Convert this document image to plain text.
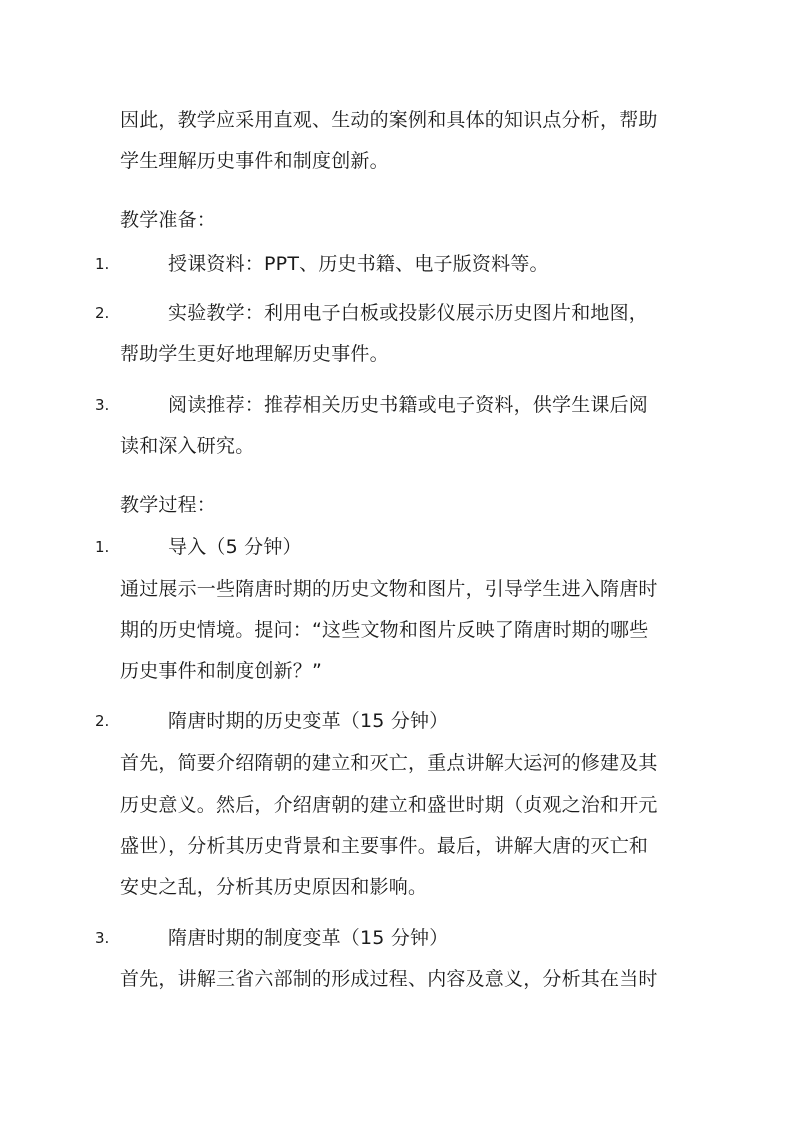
因此，教学应采用直观、生动的案例和具体的知识点分析，帮助
学生理解历史事件和制度创新。
教学准备：
1.	授课资料：PPT、历史书籍、电子版资料等。
2.	实验教学：利用电子白板或投影仪展示历史图片和地图，
帮助学生更好地理解历史事件。
3.	阅读推荐：推荐相关历史书籍或电子资料，供学生课后阅
读和深入研究。
教学过程：
1.	导入（5 分钟）
通过展示一些隋唐时期的历史文物和图片，引导学生进入隋唐时
期的历史情境。提问：“这些文物和图片反映了隋唐时期的哪些
历史事件和制度创新？”
2.	隋唐时期的历史变革（15 分钟）
首先，简要介绍隋朝的建立和灭亡，重点讲解大运河的修建及其
历史意义。然后，介绍唐朝的建立和盛世时期（贞观之治和开元
盛世），分析其历史背景和主要事件。最后，讲解大唐的灭亡和
安史之乱，分析其历史原因和影响。
3.	隋唐时期的制度变革（15 分钟）
首先，讲解三省六部制的形成过程、内容及意义，分析其在当时
